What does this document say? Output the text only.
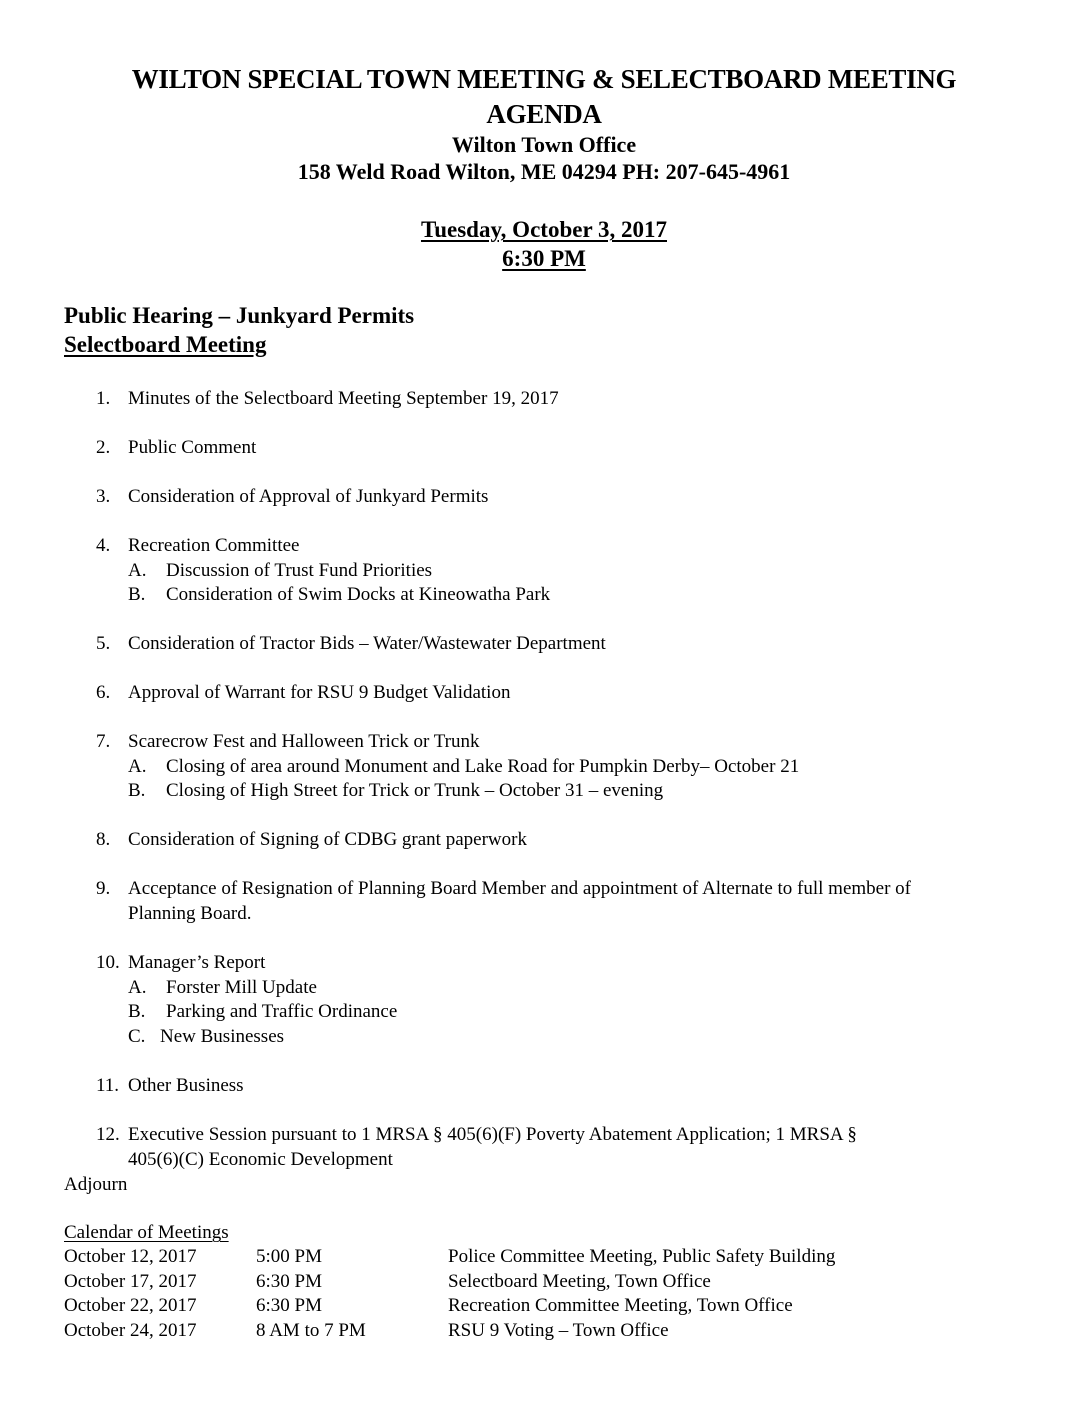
WILTON SPECIAL TOWN MEETING & SELECTBOARD MEETING
AGENDA
Wilton Town Office
158 Weld Road Wilton, ME 04294 PH: 207-645-4961
Tuesday, October 3, 2017
6:30 PM
Public Hearing – Junkyard Permits
Selectboard Meeting
1. Minutes of the Selectboard Meeting September 19, 2017
2. Public Comment
3. Consideration of Approval of Junkyard Permits
4. Recreation Committee
A. Discussion of Trust Fund Priorities
B. Consideration of Swim Docks at Kineowatha Park
5. Consideration of Tractor Bids – Water/Wastewater Department
6. Approval of Warrant for RSU 9 Budget Validation
7. Scarecrow Fest and Halloween Trick or Trunk
A. Closing of area around Monument and Lake Road for Pumpkin Derby– October 21
B. Closing of High Street for Trick or Trunk – October 31 – evening
8. Consideration of Signing of CDBG grant paperwork
9. Acceptance of Resignation of Planning Board Member and appointment of Alternate to full member of
Planning Board.
10. Manager’s Report
A. Forster Mill Update
B. Parking and Traffic Ordinance
C. New Businesses
11. Other Business
12. Executive Session pursuant to 1 MRSA § 405(6)(F) Poverty Abatement Application; 1 MRSA §
405(6)(C) Economic Development
Adjourn
Calendar of Meetings
October 12, 2017	5:00 PM	Police Committee Meeting, Public Safety Building
October 17, 2017	6:30 PM	Selectboard Meeting, Town Office
October 22, 2017	6:30 PM	Recreation Committee Meeting, Town Office
October 24, 2017	8 AM to 7 PM	RSU 9 Voting – Town Office
